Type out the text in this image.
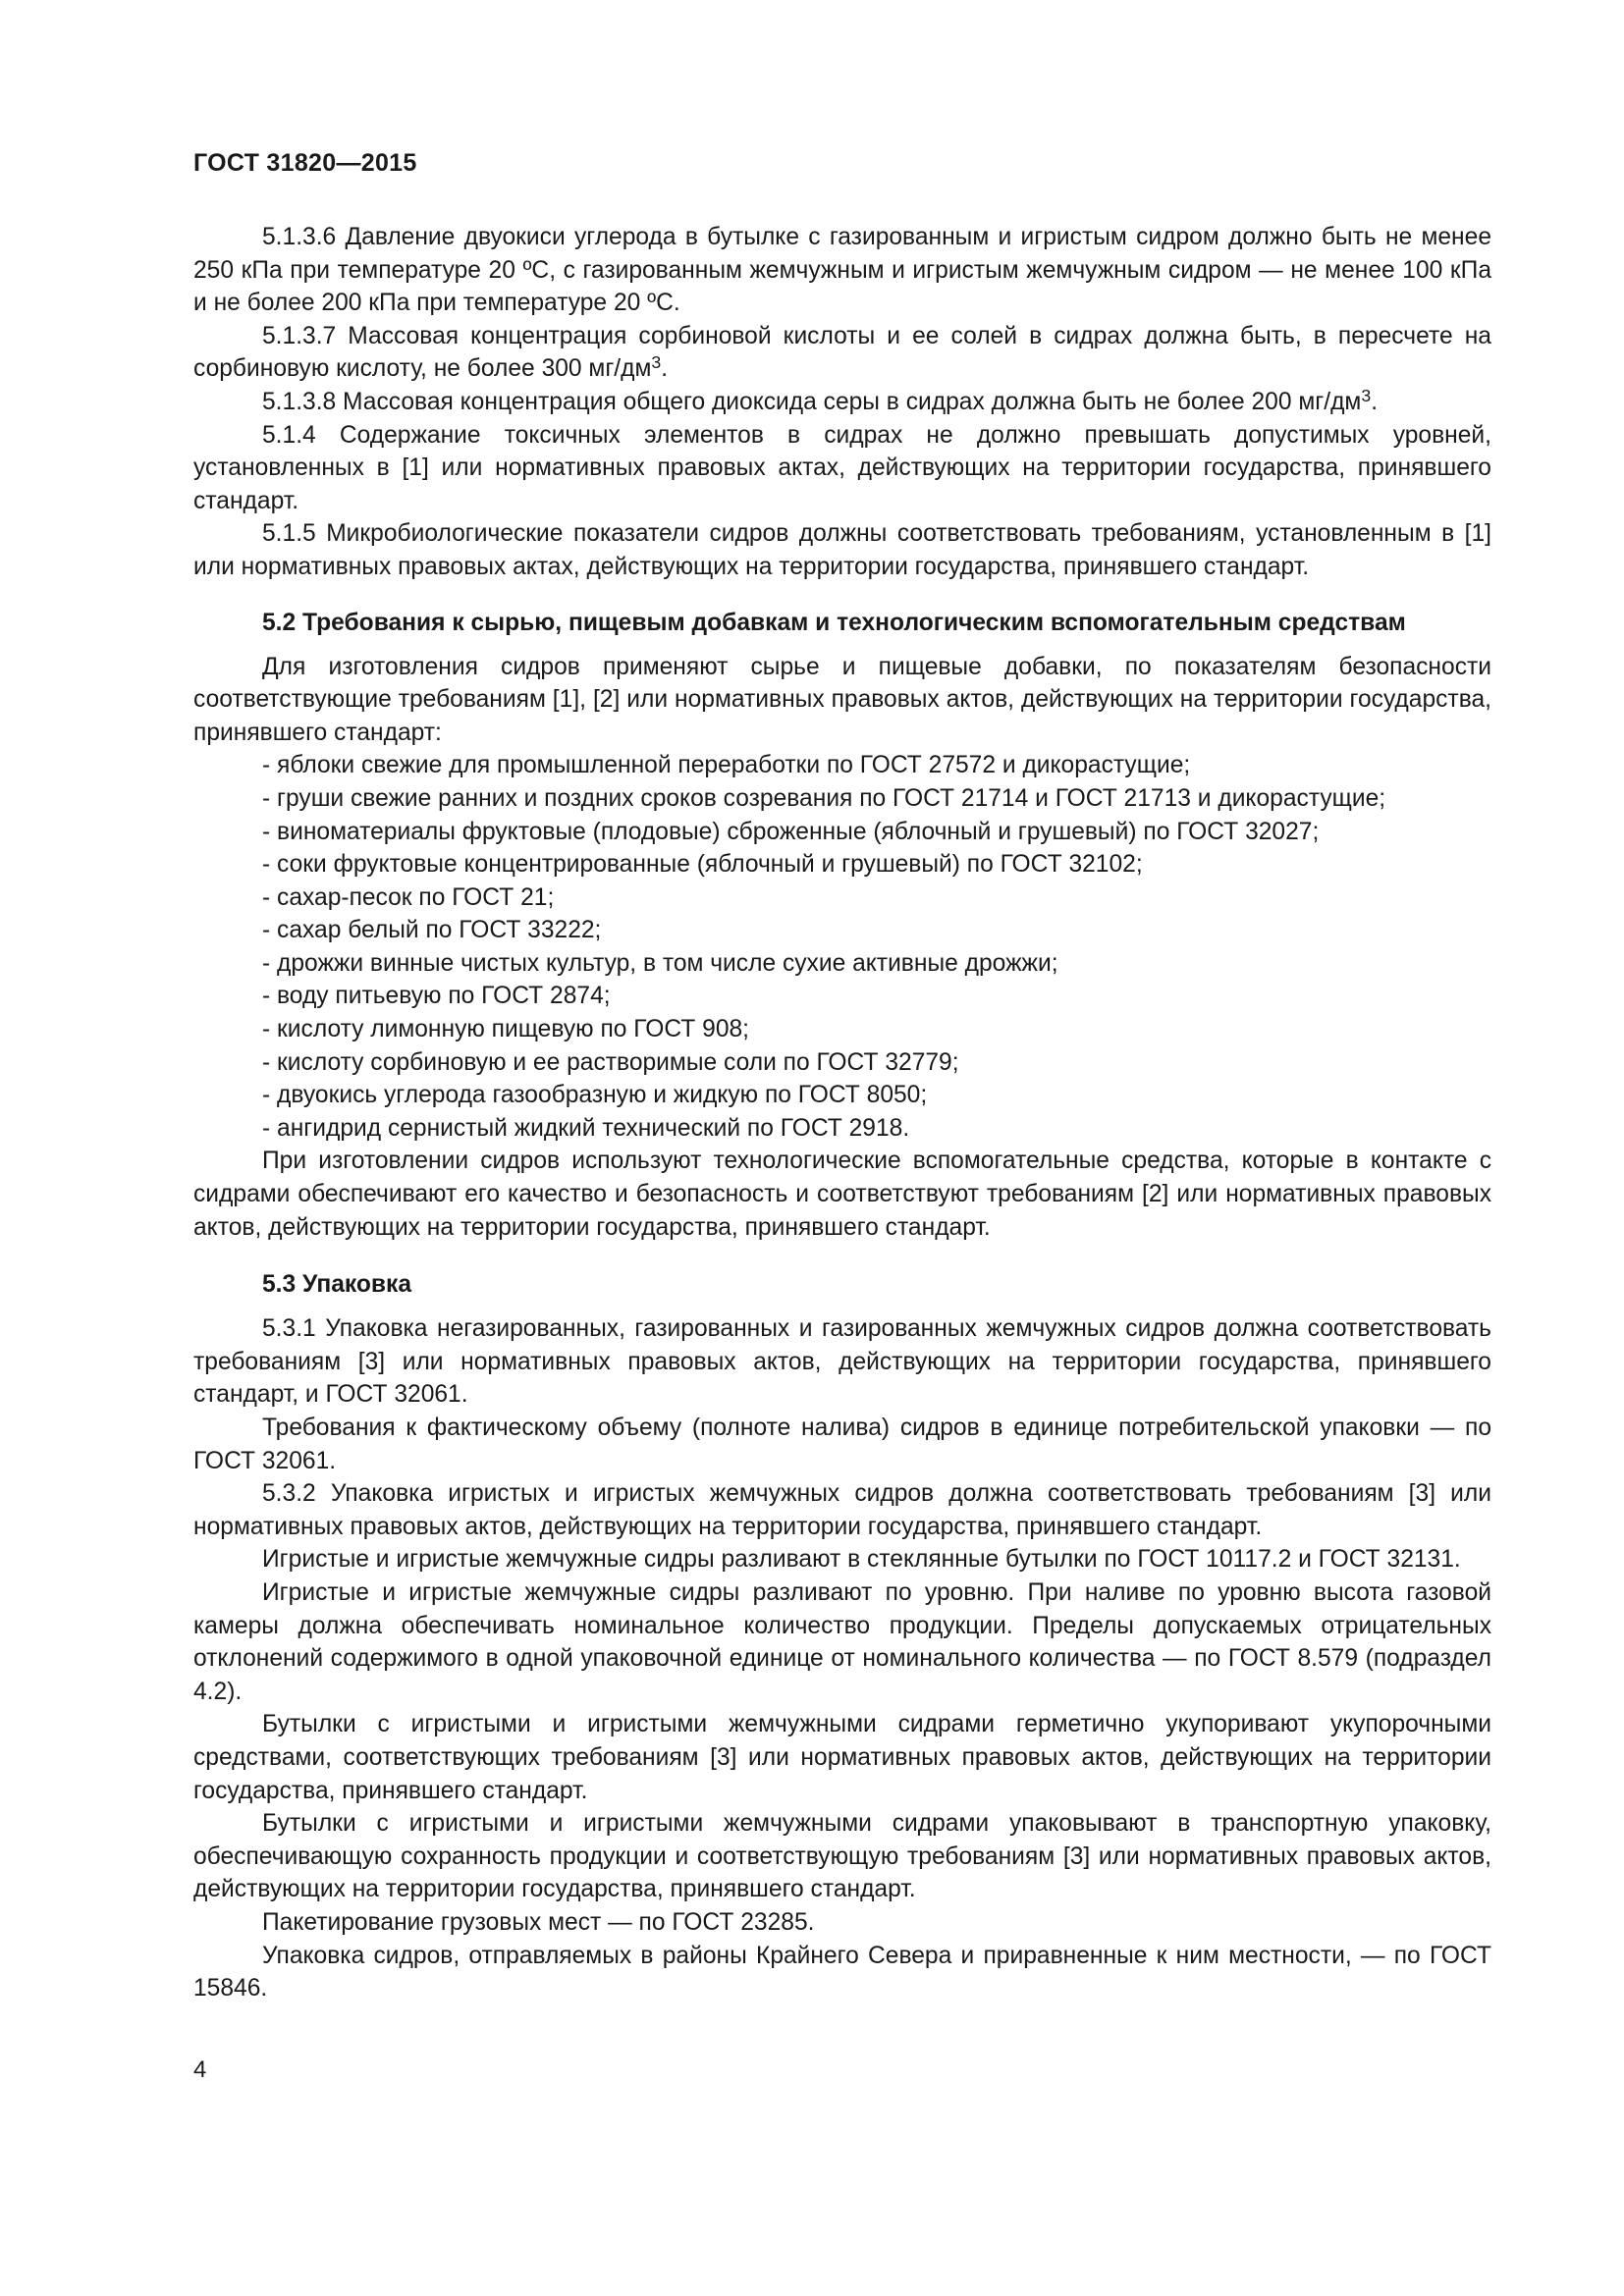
ГОСТ 31820—2015

5.1.3.6 Давление двуокиси углерода в бутылке с газированным и игристым сидром должно быть не менее 250 кПа при температуре 20 ºС, с газированным жемчужным и игристым жемчужным сидром — не менее 100 кПа и не более 200 кПа при температуре 20 ºС.

5.1.3.7 Массовая концентрация сорбиновой кислоты и ее солей в сидрах должна быть, в пересчете на сорбиновую кислоту, не более 300 $мг/дм^3$.

5.1.3.8 Массовая концентрация общего диоксида серы в сидрах должна быть не более 200 $мг/дм^3$.

5.1.4 Содержание токсичных элементов в сидрах не должно превышать допустимых уровней, установленных в [1] или нормативных правовых актах, действующих на территории государства, принявшего стандарт.

5.1.5 Микробиологические показатели сидров должны соответствовать требованиям, установленным в [1] или нормативных правовых актах, действующих на территории государства, принявшего стандарт.

5.2 Требования к сырью, пищевым добавкам и технологическим вспомогательным средствам

Для изготовления сидров применяют сырье и пищевые добавки, по показателям безопасности соответствующие требованиям [1], [2] или нормативных правовых актов, действующих на территории государства, принявшего стандарт:

- яблоки свежие для промышленной переработки по ГОСТ 27572 и дикорастущие;
- груши свежие ранних и поздних сроков созревания по ГОСТ 21714 и ГОСТ 21713 и дикорастущие;
- виноматериалы фруктовые (плодовые) сброженные (яблочный и грушевый) по ГОСТ 32027;
- соки фруктовые концентрированные (яблочный и грушевый) по ГОСТ 32102;
- сахар-песок по ГОСТ 21;
- сахар белый по ГОСТ 33222;
- дрожжи винные чистых культур, в том числе сухие активные дрожжи;
- воду питьевую по ГОСТ 2874;
- кислоту лимонную пищевую по ГОСТ 908;
- кислоту сорбиновую и ее растворимые соли по ГОСТ 32779;
- двуокись углерода газообразную и жидкую по ГОСТ 8050;
- ангидрид сернистый жидкий технический по ГОСТ 2918.

При изготовлении сидров используют технологические вспомогательные средства, которые в контакте с сидрами обеспечивают его качество и безопасность и соответствуют требованиям [2] или нормативных правовых актов, действующих на территории государства, принявшего стандарт.

5.3 Упаковка

5.3.1 Упаковка негазированных, газированных и газированных жемчужных сидров должна соответствовать требованиям [3] или нормативных правовых актов, действующих на территории государства, принявшего стандарт, и ГОСТ 32061.

Требования к фактическому объему (полноте налива) сидров в единице потребительской упаковки — по ГОСТ 32061.

5.3.2 Упаковка игристых и игристых жемчужных сидров должна соответствовать требованиям [3] или нормативных правовых актов, действующих на территории государства, принявшего стандарт.

Игристые и игристые жемчужные сидры разливают в стеклянные бутылки по ГОСТ 10117.2 и ГОСТ 32131.

Игристые и игристые жемчужные сидры разливают по уровню. При наливе по уровню высота газовой камеры должна обеспечивать номинальное количество продукции. Пределы допускаемых отрицательных отклонений содержимого в одной упаковочной единице от номинального количества — по ГОСТ 8.579 (подраздел 4.2).

Бутылки с игристыми и игристыми жемчужными сидрами герметично укупоривают укупорочными средствами, соответствующих требованиям [3] или нормативных правовых актов, действующих на территории государства, принявшего стандарт.

Бутылки с игристыми и игристыми жемчужными сидрами упаковывают в транспортную упаковку, обеспечивающую сохранность продукции и соответствующую требованиям [3] или нормативных правовых актов, действующих на территории государства, принявшего стандарт.

Пакетирование грузовых мест — по ГОСТ 23285.

Упаковка сидров, отправляемых в районы Крайнего Севера и приравненные к ним местности, — по ГОСТ 15846.

4
